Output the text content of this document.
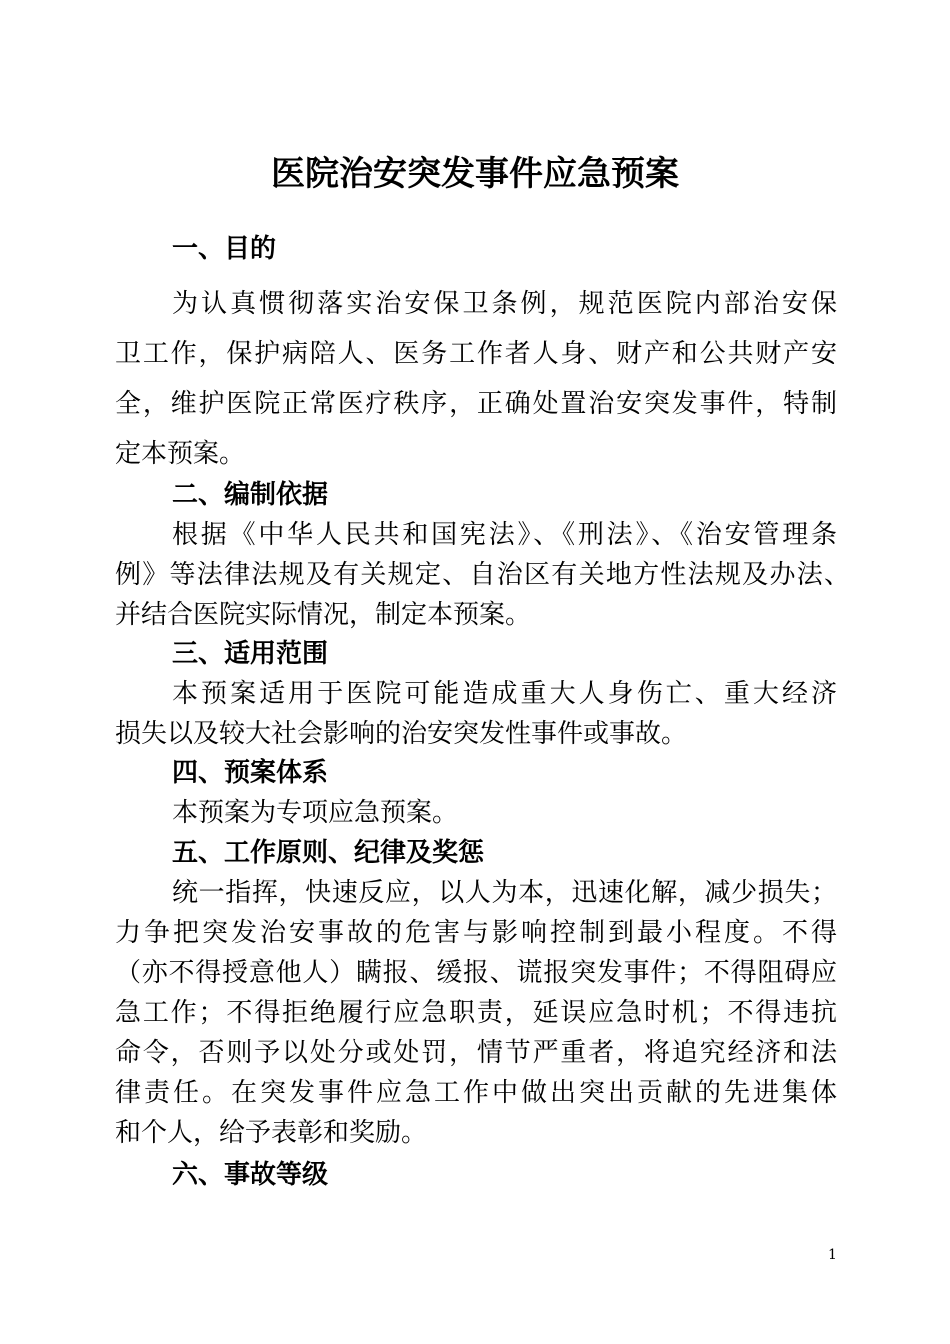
医院治安突发事件应急预案
一、目的
为认真惯彻落实治安保卫条例，规范医院内部治安保
卫工作，保护病陪人、医务工作者人身、财产和公共财产安
全，维护医院正常医疗秩序，正确处置治安突发事件，特制
定本预案。
二、编制依据
根据《中华人民共和国宪法》、《刑法》、《治安管理条
例》等法律法规及有关规定、自治区有关地方性法规及办法、
并结合医院实际情况，制定本预案。
三、适用范围
本预案适用于医院可能造成重大人身伤亡、重大经济
损失以及较大社会影响的治安突发性事件或事故。
四、预案体系
本预案为专项应急预案。
五、工作原则、纪律及奖惩
统一指挥，快速反应，以人为本，迅速化解，减少损失；
力争把突发治安事故的危害与影响控制到最小程度。不得
（亦不得授意他人）瞒报、缓报、谎报突发事件；不得阻碍应
急工作；不得拒绝履行应急职责，延误应急时机；不得违抗
命令，否则予以处分或处罚，情节严重者，将追究经济和法
律责任。在突发事件应急工作中做出突出贡献的先进集体
和个人，给予表彰和奖励。
六、事故等级
1
